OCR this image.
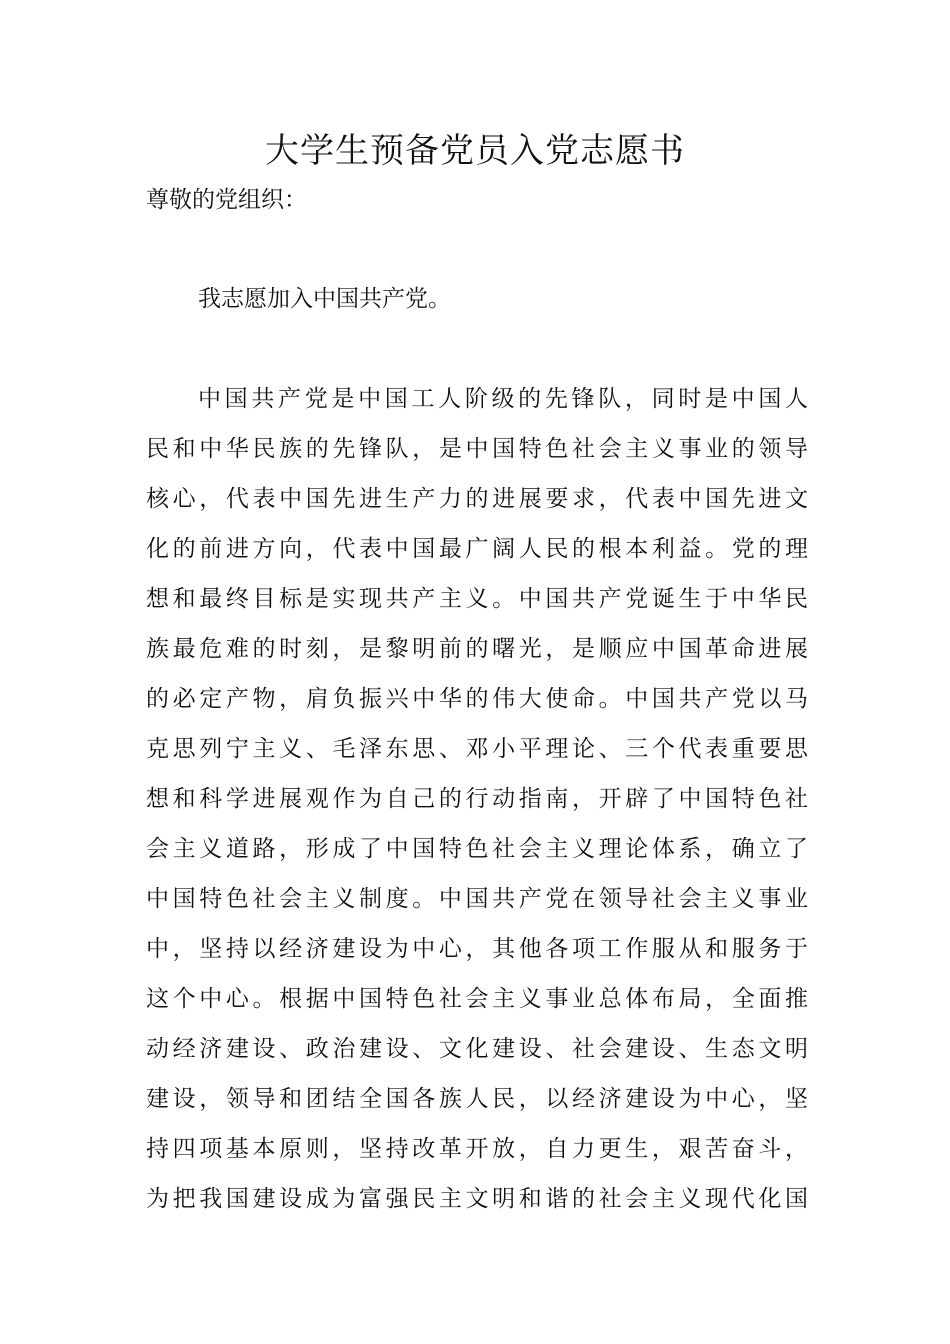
大学生预备党员入党志愿书

尊敬的党组织：

我志愿加入中国共产党。
中国共产党是中国工人阶级的先锋队，同时是中国人
民和中华民族的先锋队，是中国特色社会主义事业的领导
核心，代表中国先进生产力的进展要求，代表中国先进文
化的前进方向，代表中国最广阔人民的根本利益。党的理
想和最终目标是实现共产主义。中国共产党诞生于中华民
族最危难的时刻，是黎明前的曙光，是顺应中国革命进展
的必定产物，肩负振兴中华的伟大使命。中国共产党以马
克思列宁主义、毛泽东思、邓小平理论、三个代表重要思
想和科学进展观作为自己的行动指南，开辟了中国特色社
会主义道路，形成了中国特色社会主义理论体系，确立了
中国特色社会主义制度。中国共产党在领导社会主义事业
中，坚持以经济建设为中心，其他各项工作服从和服务于
这个中心。根据中国特色社会主义事业总体布局，全面推
动经济建设、政治建设、文化建设、社会建设、生态文明
建设，领导和团结全国各族人民，以经济建设为中心，坚
持四项基本原则，坚持改革开放，自力更生，艰苦奋斗，
为把我国建设成为富强民主文明和谐的社会主义现代化国
